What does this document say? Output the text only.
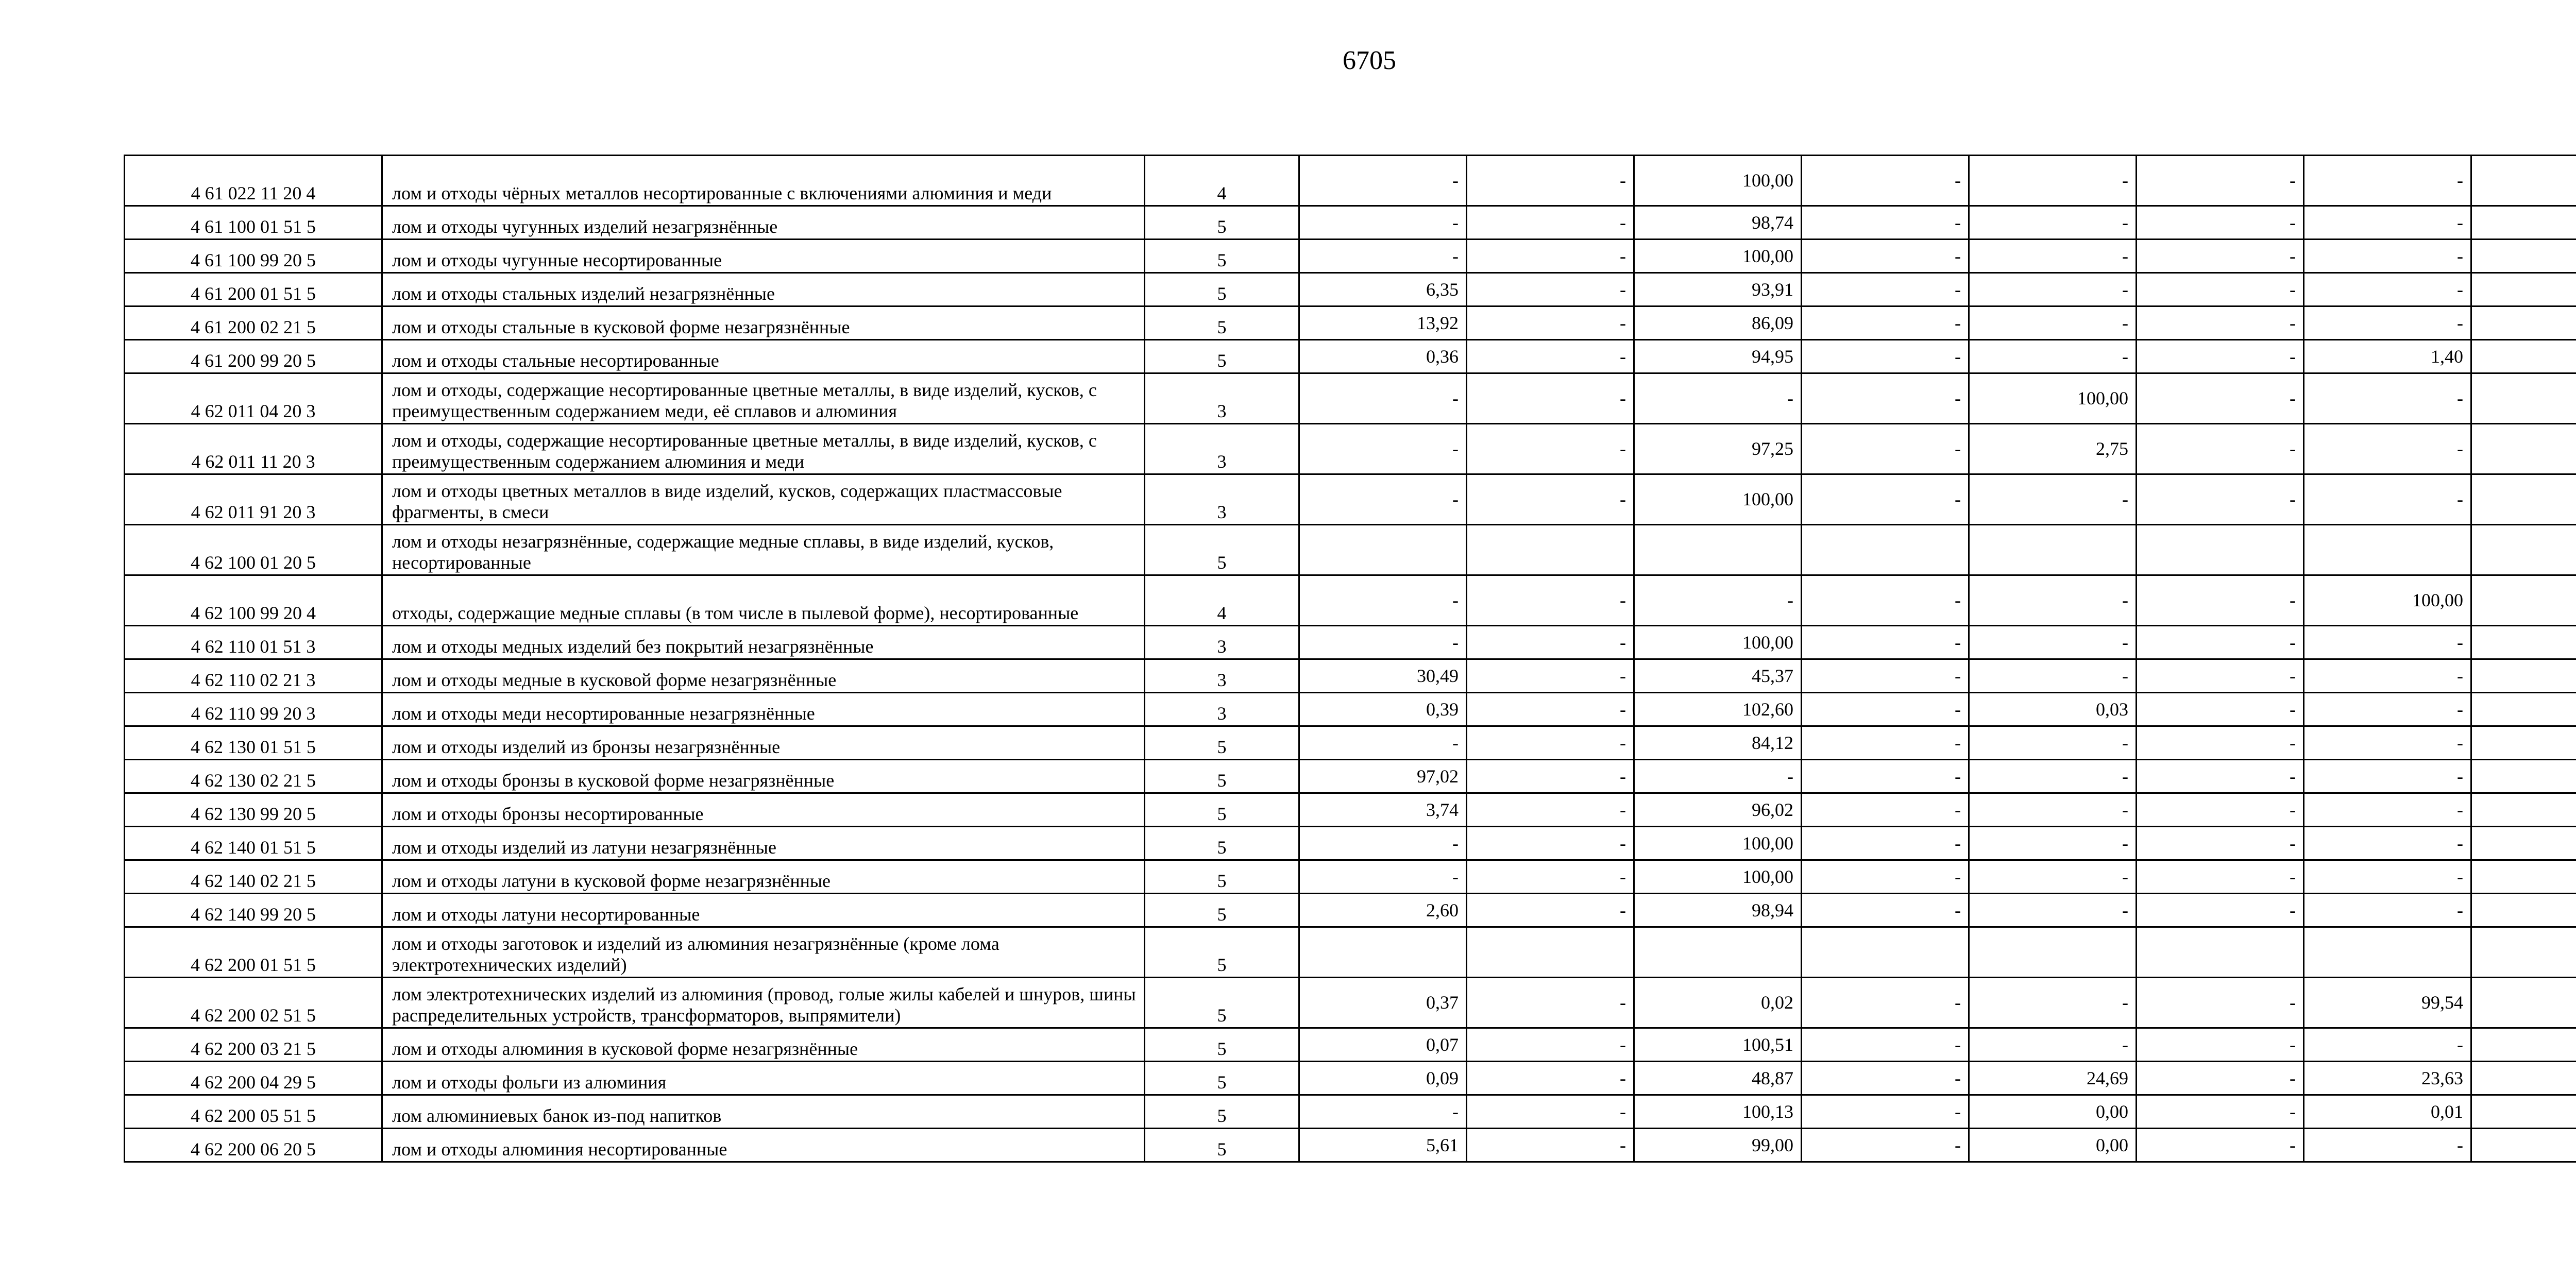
6705
4 61 022 11 20 4	лом и отходы чёрных металлов несортированные с включениями алюминия и меди	4	-	-	100,00	-	-	-	-	
4 61 100 01 51 5	лом и отходы чугунных изделий незагрязнённые	5	-	-	98,74	-	-	-	-	
4 61 100 99 20 5	лом и отходы чугунные несортированные	5	-	-	100,00	-	-	-	-	
4 61 200 01 51 5	лом и отходы стальных изделий незагрязнённые	5	6,35	-	93,91	-	-	-	-	
4 61 200 02 21 5	лом и отходы стальные в кусковой форме незагрязнённые	5	13,92	-	86,09	-	-	-	-	
4 61 200 99 20 5	лом и отходы стальные несортированные	5	0,36	-	94,95	-	-	-	1,40	
4 62 011 04 20 3	лом и отходы, содержащие несортированные цветные металлы, в виде изделий, кусков, с преимущественным содержанием меди, её сплавов и алюминия	3	-	-	-	-	100,00	-	-	
4 62 011 11 20 3	лом и отходы, содержащие несортированные цветные металлы, в виде изделий, кусков, с преимущественным содержанием алюминия и меди	3	-	-	97,25	-	2,75	-	-	
4 62 011 91 20 3	лом и отходы цветных металлов в виде изделий, кусков, содержащих пластмассовые фрагменты, в смеси	3	-	-	100,00	-	-	-	-	
4 62 100 01 20 5	лом и отходы незагрязнённые, содержащие медные сплавы, в виде изделий, кусков, несортированные	5								
4 62 100 99 20 4	отходы, содержащие медные сплавы (в том числе в пылевой форме), несортированные	4	-	-	-	-	-	-	100,00	
4 62 110 01 51 3	лом и отходы медных изделий без покрытий незагрязнённые	3	-	-	100,00	-	-	-	-	
4 62 110 02 21 3	лом и отходы медные в кусковой форме незагрязнённые	3	30,49	-	45,37	-	-	-	-	
4 62 110 99 20 3	лом и отходы меди несортированные незагрязнённые	3	0,39	-	102,60	-	0,03	-	-	
4 62 130 01 51 5	лом и отходы изделий из бронзы незагрязнённые	5	-	-	84,12	-	-	-	-	
4 62 130 02 21 5	лом и отходы бронзы в кусковой форме незагрязнённые	5	97,02	-	-	-	-	-	-	
4 62 130 99 20 5	лом и отходы бронзы несортированные	5	3,74	-	96,02	-	-	-	-	
4 62 140 01 51 5	лом и отходы изделий из латуни незагрязнённые	5	-	-	100,00	-	-	-	-	
4 62 140 02 21 5	лом и отходы латуни в кусковой форме незагрязнённые	5	-	-	100,00	-	-	-	-	
4 62 140 99 20 5	лом и отходы латуни несортированные	5	2,60	-	98,94	-	-	-	-	
4 62 200 01 51 5	лом и отходы заготовок и изделий из алюминия незагрязнённые (кроме лома электротехнических изделий)	5								
4 62 200 02 51 5	лом электротехнических изделий из алюминия (провод, голые жилы кабелей и шнуров, шины распределительных устройств, трансформаторов, выпрямители)	5	0,37	-	0,02	-	-	-	99,54	
4 62 200 03 21 5	лом и отходы алюминия в кусковой форме незагрязнённые	5	0,07	-	100,51	-	-	-	-	
4 62 200 04 29 5	лом и отходы фольги из алюминия	5	0,09	-	48,87	-	24,69	-	23,63	
4 62 200 05 51 5	лом алюминиевых банок из-под напитков	5	-	-	100,13	-	0,00	-	0,01	
4 62 200 06 20 5	лом и отходы алюминия несортированные	5	5,61	-	99,00	-	0,00	-	-	
